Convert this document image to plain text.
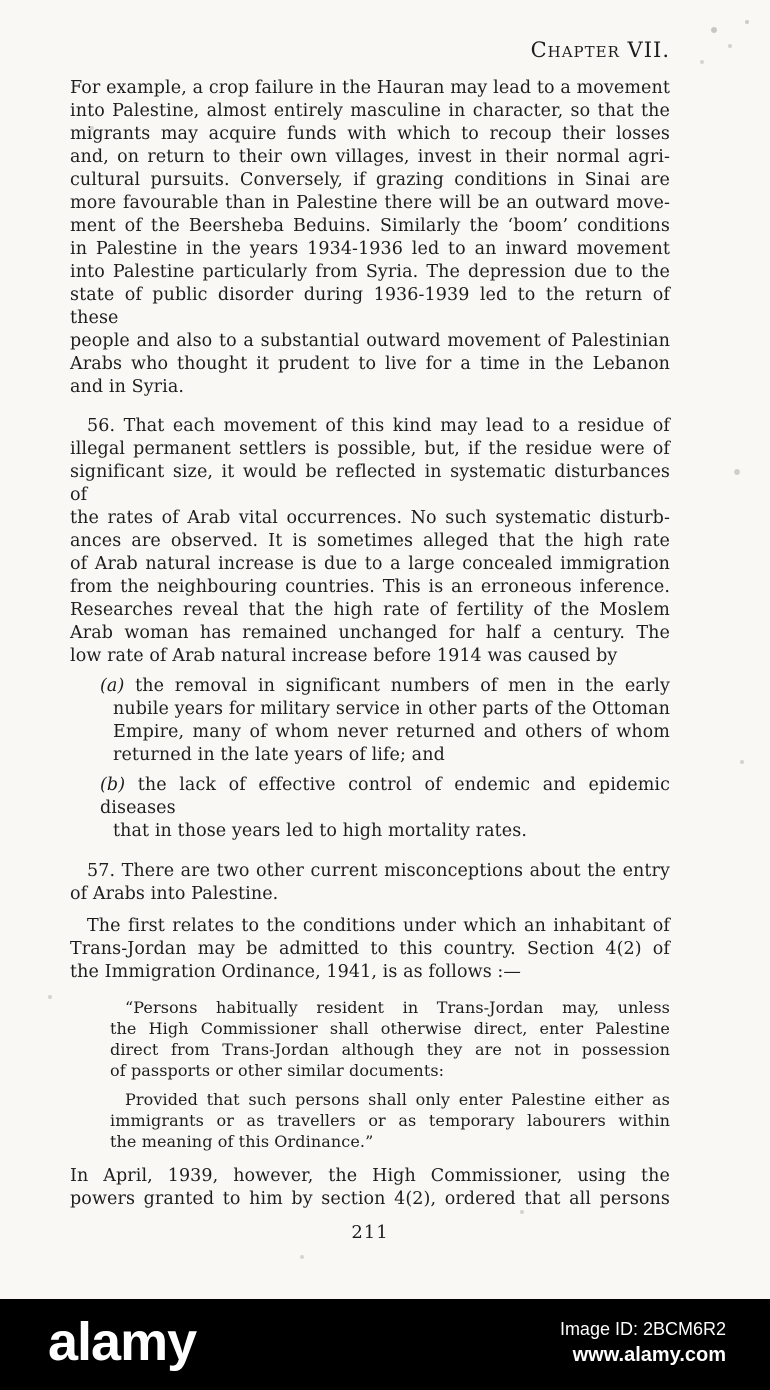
Chapter VII.
For example, a crop failure in the Hauran may lead to a movement
into Palestine, almost entirely masculine in character, so that the
migrants may acquire funds with which to recoup their losses
and, on return to their own villages, invest in their normal agri-
cultural pursuits. Conversely, if grazing conditions in Sinai are
more favourable than in Palestine there will be an outward move-
ment of the Beersheba Beduins. Similarly the ‘boom’ conditions
in Palestine in the years 1934-1936 led to an inward movement
into Palestine particularly from Syria. The depression due to the
state of public disorder during 1936-1939 led to the return of these
people and also to a substantial outward movement of Palestinian
Arabs who thought it prudent to live for a time in the Lebanon
and in Syria.
56. That each movement of this kind may lead to a residue of
illegal permanent settlers is possible, but, if the residue were of
significant size, it would be reflected in systematic disturbances of
the rates of Arab vital occurrences. No such systematic disturb-
ances are observed. It is sometimes alleged that the high rate
of Arab natural increase is due to a large concealed immigration
from the neighbouring countries. This is an erroneous inference.
Researches reveal that the high rate of fertility of the Moslem
Arab woman has remained unchanged for half a century. The
low rate of Arab natural increase before 1914 was caused by
(a) the removal in significant numbers of men in the early
nubile years for military service in other parts of the Ottoman
Empire, many of whom never returned and others of whom
returned in the late years of life; and
(b) the lack of effective control of endemic and epidemic diseases
that in those years led to high mortality rates.
57. There are two other current misconceptions about the entry
of Arabs into Palestine.
The first relates to the conditions under which an inhabitant of
Trans-Jordan may be admitted to this country. Section 4(2) of
the Immigration Ordinance, 1941, is as follows :—
“Persons habitually resident in Trans-Jordan may, unless
the High Commissioner shall otherwise direct, enter Palestine
direct from Trans-Jordan although they are not in possession
of passports or other similar documents:
Provided that such persons shall only enter Palestine either as
immigrants or as travellers or as temporary labourers within
the meaning of this Ordinance.”
In April, 1939, however, the High Commissioner, using the
powers granted to him by section 4(2), ordered that all persons
211
alamy	Image ID: 2BCM6R2
www.alamy.com
